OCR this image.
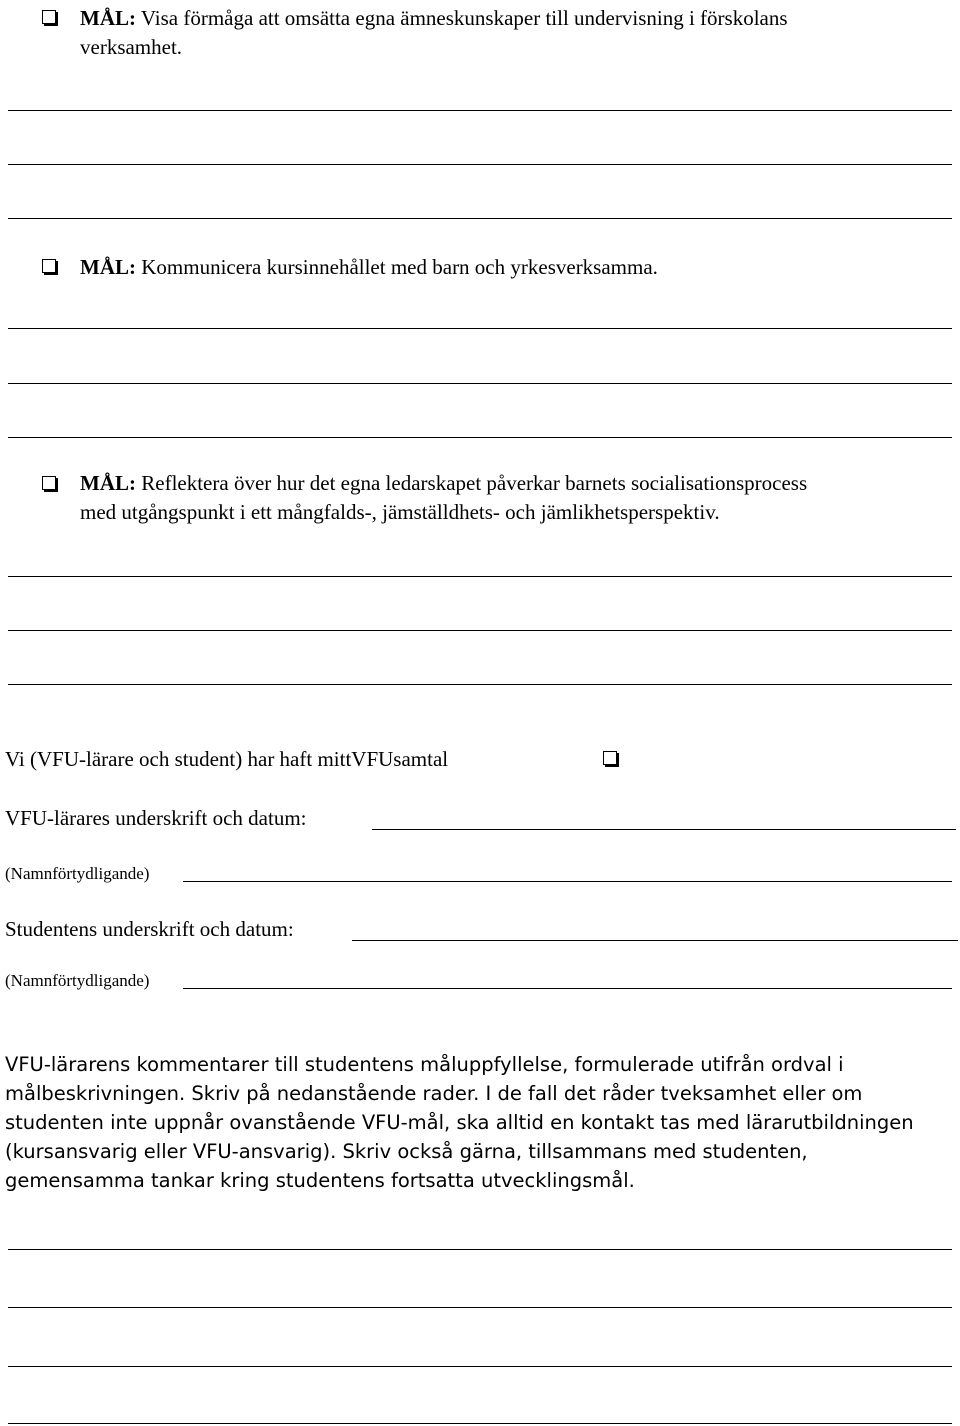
MÅL: Visa förmåga att omsätta egna ämneskunskaper till undervisning i förskolans
verksamhet.
MÅL: Kommunicera kursinnehållet med barn och yrkesverksamma.
MÅL: Reflektera över hur det egna ledarskapet påverkar barnets socialisationsprocess
med utgångspunkt i ett mångfalds-, jämställdhets- och jämlikhetsperspektiv.
Vi (VFU-lärare och student) har haft mittVFUsamtal
VFU-lärares underskrift och datum:
(Namnförtydligande)
Studentens underskrift och datum:
(Namnförtydligande)
VFU-lärarens kommentarer till studentens måluppfyllelse, formulerade utifrån ordval i
målbeskrivningen. Skriv på nedanstående rader. I de fall det råder tveksamhet eller om
studenten inte uppnår ovanstående VFU-mål, ska alltid en kontakt tas med lärarutbildningen
(kursansvarig eller VFU-ansvarig). Skriv också gärna, tillsammans med studenten,
gemensamma tankar kring studentens fortsatta utvecklingsmål.
